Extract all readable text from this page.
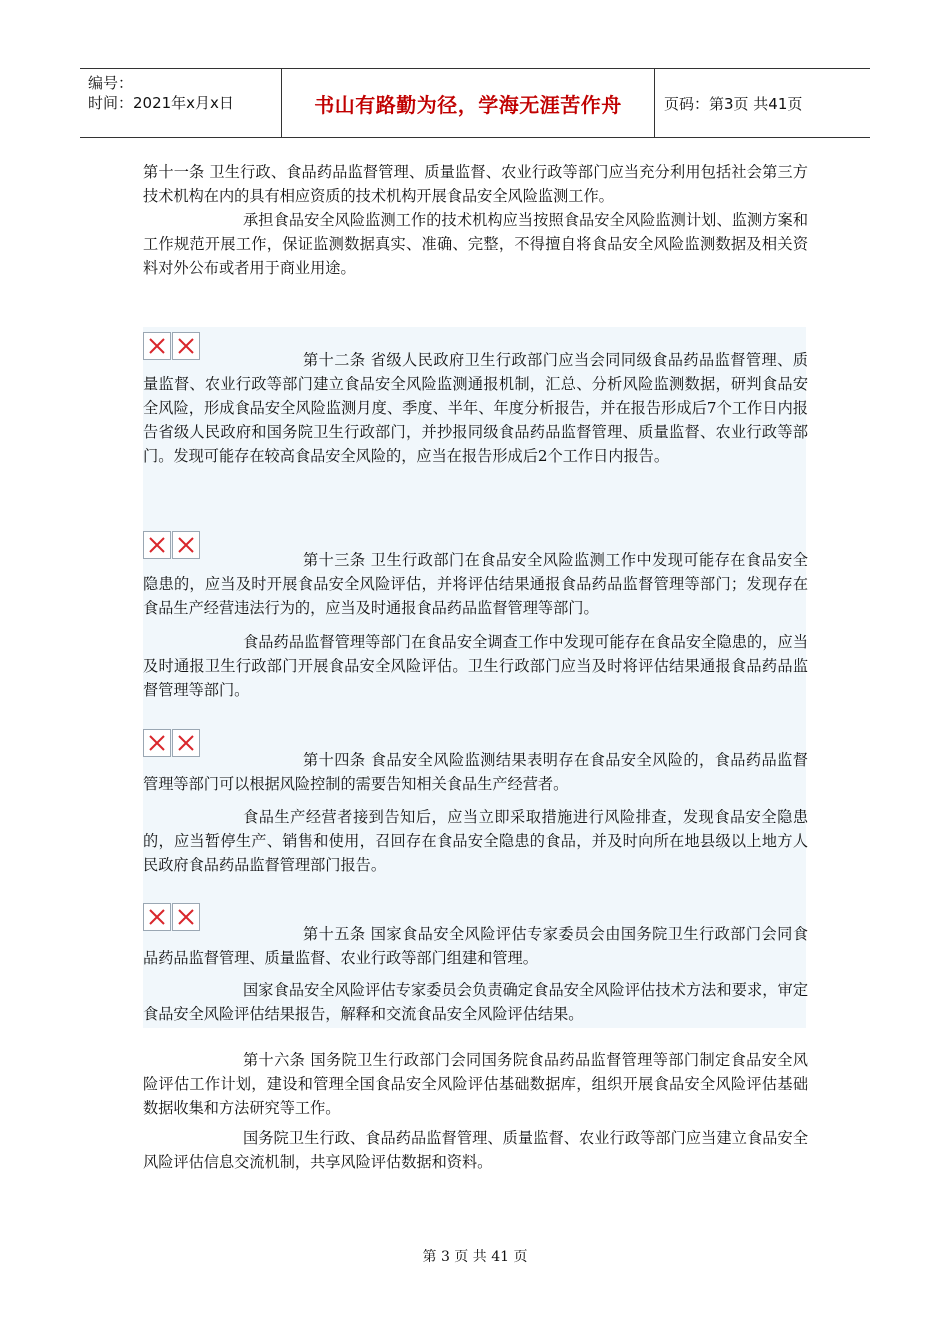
编号：
时间：2021年x月x日	书山有路勤为径，学海无涯苦作舟	页码：第3页 共41页

第十一条 卫生行政、食品药品监督管理、质量监督、农业行政等部门应当充分利用包括社会第三方技术机构在内的具有相应资质的技术机构开展食品安全风险监测工作。

承担食品安全风险监测工作的技术机构应当按照食品安全风险监测计划、监测方案和工作规范开展工作，保证监测数据真实、准确、完整，不得擅自将食品安全风险监测数据及相关资料对外公布或者用于商业用途。

第十二条 省级人民政府卫生行政部门应当会同同级食品药品监督管理、质量监督、农业行政等部门建立食品安全风险监测通报机制，汇总、分析风险监测数据，研判食品安全风险，形成食品安全风险监测月度、季度、半年、年度分析报告，并在报告形成后7个工作日内报告省级人民政府和国务院卫生行政部门，并抄报同级食品药品监督管理、质量监督、农业行政等部门。发现可能存在较高食品安全风险的，应当在报告形成后2个工作日内报告。

第十三条 卫生行政部门在食品安全风险监测工作中发现可能存在食品安全隐患的，应当及时开展食品安全风险评估，并将评估结果通报食品药品监督管理等部门；发现存在食品生产经营违法行为的，应当及时通报食品药品监督管理等部门。

食品药品监督管理等部门在食品安全调查工作中发现可能存在食品安全隐患的，应当及时通报卫生行政部门开展食品安全风险评估。卫生行政部门应当及时将评估结果通报食品药品监督管理等部门。

第十四条 食品安全风险监测结果表明存在食品安全风险的，食品药品监督管理等部门可以根据风险控制的需要告知相关食品生产经营者。

食品生产经营者接到告知后，应当立即采取措施进行风险排查，发现食品安全隐患的，应当暂停生产、销售和使用，召回存在食品安全隐患的食品，并及时向所在地县级以上地方人民政府食品药品监督管理部门报告。

第十五条 国家食品安全风险评估专家委员会由国务院卫生行政部门会同食品药品监督管理、质量监督、农业行政等部门组建和管理。

国家食品安全风险评估专家委员会负责确定食品安全风险评估技术方法和要求，审定食品安全风险评估结果报告，解释和交流食品安全风险评估结果。

第十六条 国务院卫生行政部门会同国务院食品药品监督管理等部门制定食品安全风险评估工作计划，建设和管理全国食品安全风险评估基础数据库，组织开展食品安全风险评估基础数据收集和方法研究等工作。

国务院卫生行政、食品药品监督管理、质量监督、农业行政等部门应当建立食品安全风险评估信息交流机制，共享风险评估数据和资料。

第 3 页 共 41 页
